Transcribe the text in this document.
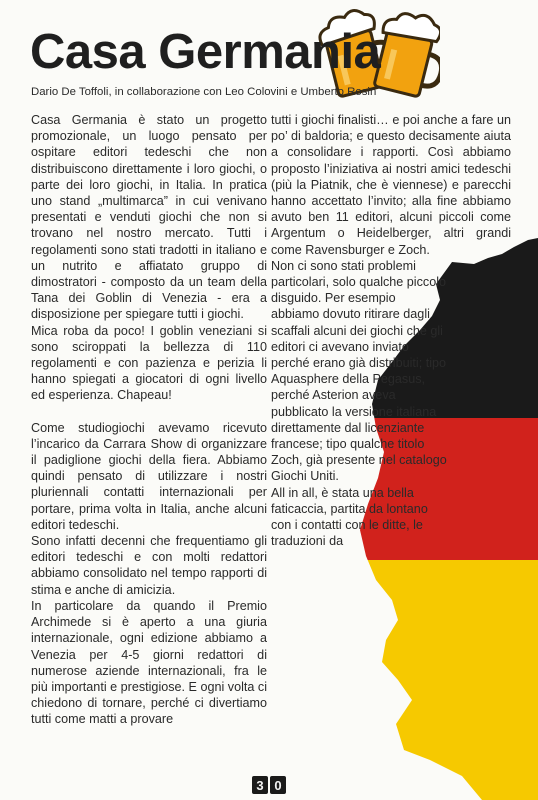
Casa Germania
Dario De Toffoli, in collaborazione con Leo Colovini e Umberto Rosin

Casa Germania è stato un progetto promozionale, un luogo pensato per ospitare editori tedeschi che non distribuiscono direttamente i loro giochi, o parte dei loro giochi, in Italia. In pratica uno stand „multimarca” in cui venivano presentati e venduti giochi che non si trovano nel nostro mercato. Tutti i regolamenti sono stati tradotti in italiano e un nutrito e affiatato gruppo di dimostratori - composto da un team della Tana dei Goblin di Venezia - era a disposizione per spiegare tutti i giochi.

Mica roba da poco! I goblin veneziani si sono sciroppati la bellezza di 110 regolamenti e con pazienza e perizia li hanno spiegati a giocatori di ogni livello ed esperienza. Chapeau!

Come studiogiochi avevamo ricevuto l’incarico da Carrara Show di organizzare il padiglione giochi della fiera. Abbiamo quindi pensato di utilizzare i nostri pluriennali contatti internazionali per portare, prima volta in Italia, anche alcuni editori tedeschi.

Sono infatti decenni che frequentiamo gli editori tedeschi e con molti redattori abbiamo consolidato nel tempo rapporti di stima e anche di amicizia.

In particolare da quando il Premio Archimede si è aperto a una giuria internazionale, ogni edizione abbiamo a Venezia per 4-5 giorni redattori di numerose aziende internazionali, fra le più importanti e prestigiose. E ogni volta ci chiedono di tornare, perché ci divertiamo tutti come matti a provare

tutti i giochi finalisti… e poi anche a fare un po’ di baldoria; e questo decisamente aiuta a consolidare i rapporti. Così abbiamo proposto l’iniziativa ai nostri amici tedeschi (più la Piatnik, che è viennese) e parecchi hanno accettato l’invito; alla fine abbiamo avuto ben 11 editori, alcuni piccoli come Argentum o Heidelberger, altri grandi come Ravensburger e Zoch.

Non ci sono stati problemi particolari, solo qualche piccolo disguido. Per esempio abbiamo dovuto ritirare dagli scaffali alcuni dei giochi che gli editori ci avevano inviato perché erano già distribuiti; tipo Aquasphere della Pegasus, perché Asterion aveva pubblicato la versione italiana direttamente dal licenziante francese; tipo qualche titolo Zoch, già presente nel catalogo Giochi Uniti.

All in all, è stata una bella faticaccia, partita da lontano con i contatti con le ditte, le traduzioni da

3 0
